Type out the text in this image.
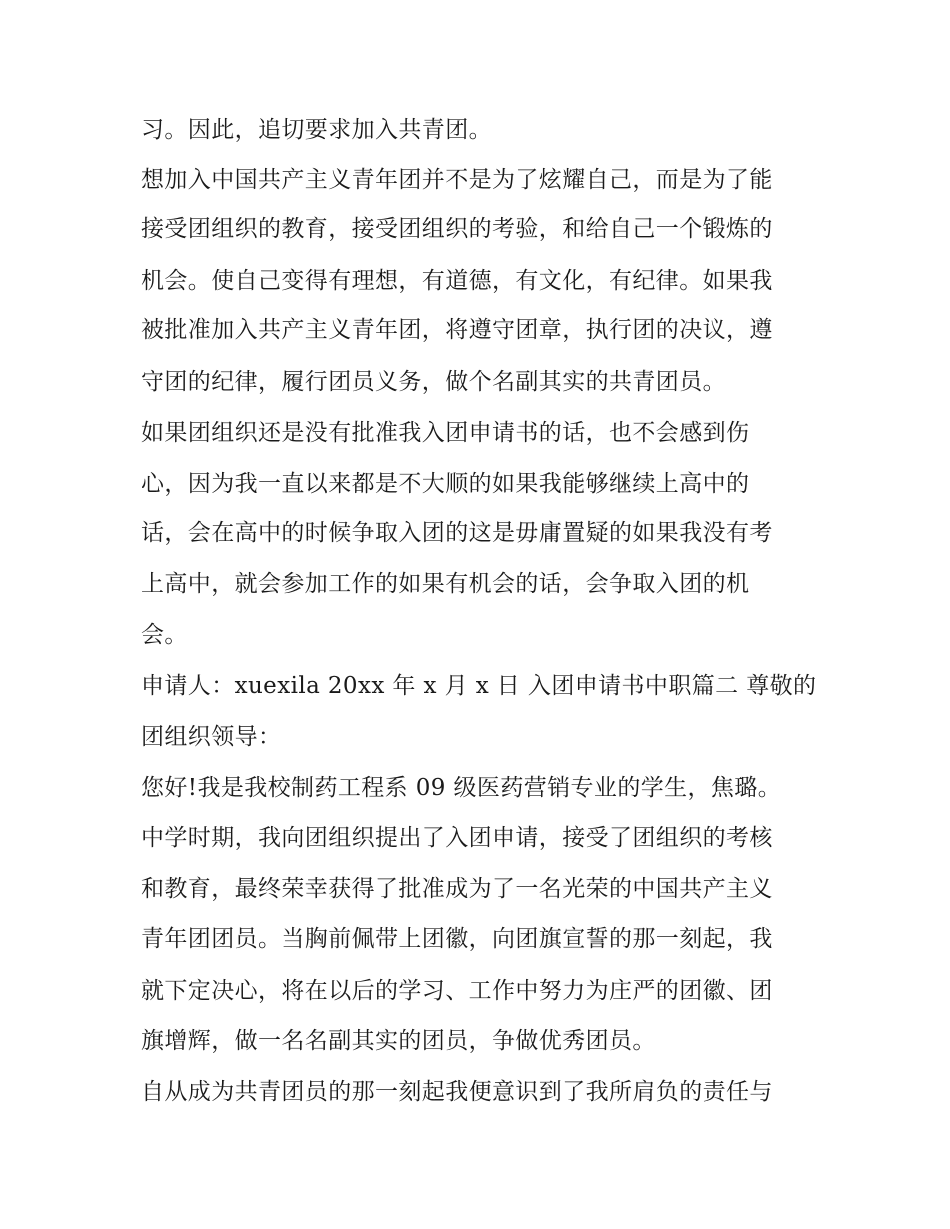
习。因此，追切要求加入共青团。
想加入中国共产主义青年团并不是为了炫耀自己，而是为了能
接受团组织的教育，接受团组织的考验，和给自己一个锻炼的
机会。使自己变得有理想，有道德，有文化，有纪律。如果我
被批准加入共产主义青年团，将遵守团章，执行团的决议，遵
守团的纪律，履行团员义务，做个名副其实的共青团员。
如果团组织还是没有批准我入团申请书的话，也不会感到伤
心，因为我一直以来都是不大顺的如果我能够继续上高中的
话，会在高中的时候争取入团的这是毋庸置疑的如果我没有考
上高中，就会参加工作的如果有机会的话，会争取入团的机
会。
申请人：xuexila 20xx 年 x 月 x 日 入团申请书中职篇二 尊敬的
团组织领导：
您好!我是我校制药工程系 09 级医药营销专业的学生，焦璐。
中学时期，我向团组织提出了入团申请，接受了团组织的考核
和教育，最终荣幸获得了批准成为了一名光荣的中国共产主义
青年团团员。当胸前佩带上团徽，向团旗宣誓的那一刻起，我
就下定决心，将在以后的学习、工作中努力为庄严的团徽、团
旗增辉，做一名名副其实的团员，争做优秀团员。
自从成为共青团员的那一刻起我便意识到了我所肩负的责任与
